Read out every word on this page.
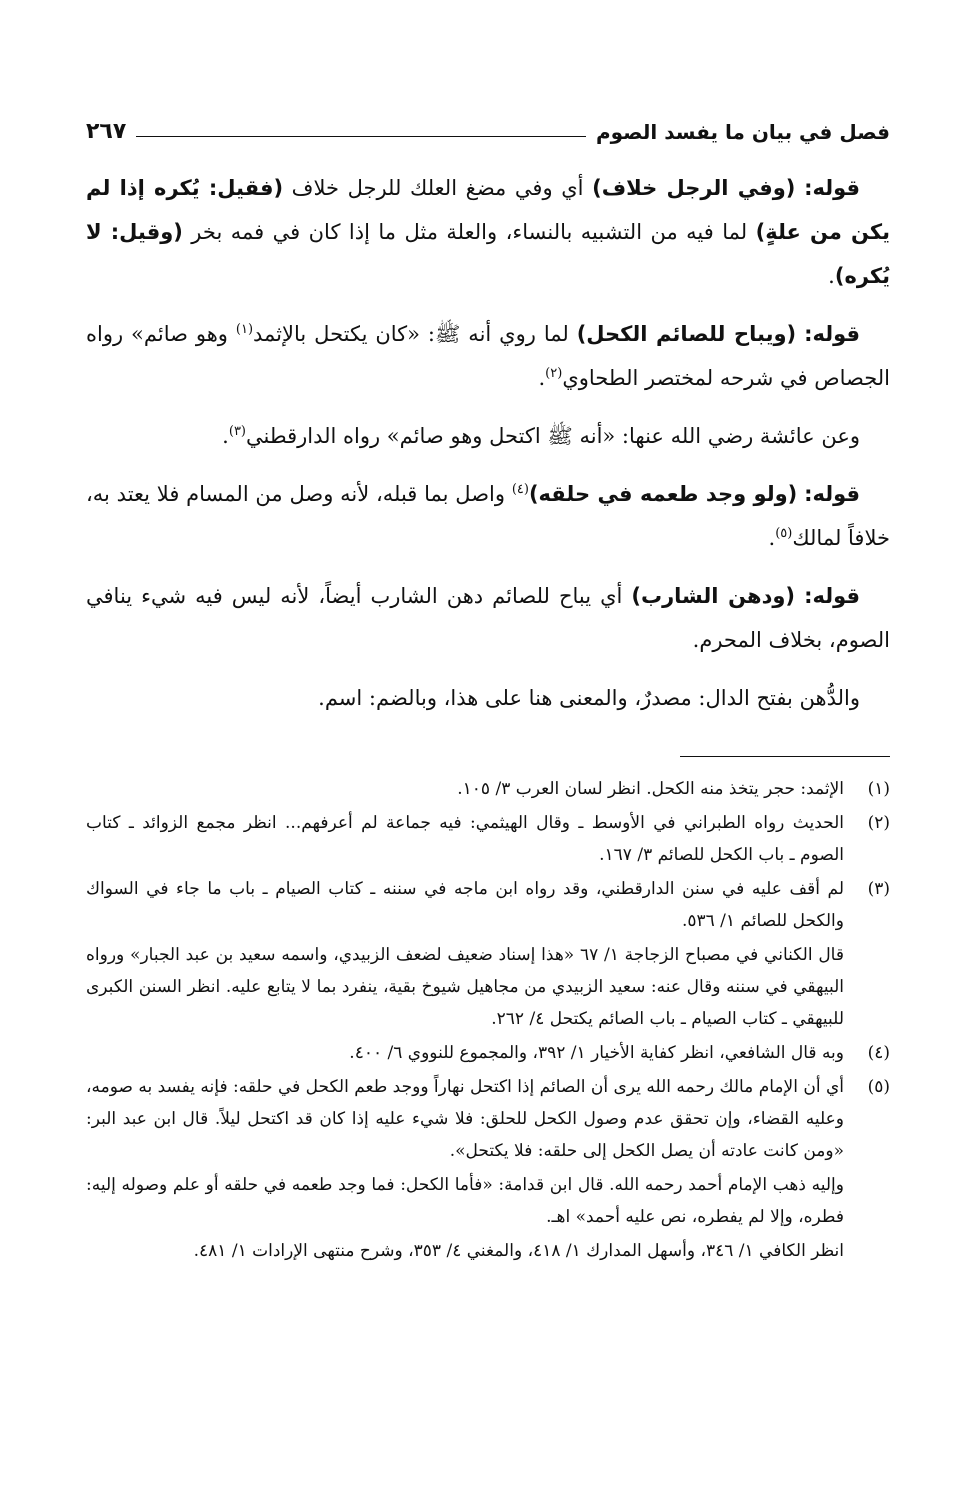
فصل في بيان ما يفسد الصوم
٢٦٧

قوله: (وفي الرجل خلاف) أي وفي مضغ العلك للرجل خلاف (فقيل: يُكره إذا لم يكن من علةٍ) لما فيه من التشبيه بالنساء، والعلة مثل ما إذا كان في فمه بخر (وقيل: لا يُكره).

قوله: (ويباح للصائم الكحل) لما روي أنه ﷺ: «كان يكتحل بالإثمد$^{(١)}$ وهو صائم» رواه الجصاص في شرحه لمختصر الطحاوي$^{(٢)}$.

وعن عائشة رضي الله عنها: «أنه ﷺ اكتحل وهو صائم» رواه الدارقطني$^{(٣)}$.

قوله: (ولو وجد طعمه في حلقه)$^{(٤)}$ واصل بما قبله، لأنه وصل من المسام فلا يعتد به، خلافاً لمالك$^{(٥)}$.

قوله: (ودهن الشارب) أي يباح للصائم دهن الشارب أيضاً، لأنه ليس فيه شيء ينافي الصوم، بخلاف المحرم.

والدُّهن بفتح الدال: مصدرٌ، والمعنى هنا على هذا، وبالضم: اسم.

(١)
الإثمد: حجر يتخذ منه الكحل. انظر لسان العرب ٣/ ١٠٥.
(٢)
الحديث رواه الطبراني في الأوسط ـ وقال الهيثمي: فيه جماعة لم أعرفهم... انظر مجمع الزوائد ـ كتاب الصوم ـ باب الكحل للصائم ٣/ ١٦٧.
(٣)
لم أقف عليه في سنن الدارقطني، وقد رواه ابن ماجه في سننه ـ كتاب الصيام ـ باب ما جاء في السواك والكحل للصائم ١/ ٥٣٦.
قال الكناني في مصباح الزجاجة ١/ ٦٧ «هذا إسناد ضعيف لضعف الزبيدي، واسمه سعيد بن عبد الجبار» ورواه البيهقي في سننه وقال عنه: سعيد الزبيدي من مجاهيل شيوخ بقية، ينفرد بما لا يتابع عليه. انظر السنن الكبرى للبيهقي ـ كتاب الصيام ـ باب الصائم يكتحل ٤/ ٢٦٢.
(٤)
وبه قال الشافعي، انظر كفاية الأخيار ١/ ٣٩٢، والمجموع للنووي ٦/ ٤٠٠.
(٥)
أي أن الإمام مالك رحمه الله يرى أن الصائم إذا اكتحل نهاراً ووجد طعم الكحل في حلقه: فإنه يفسد به صومه، وعليه القضاء، وإن تحقق عدم وصول الكحل للحلق: فلا شيء عليه إذا كان قد اكتحل ليلاً. قال ابن عبد البر: «ومن كانت عادته أن يصل الكحل إلى حلقه: فلا يكتحل».
وإليه ذهب الإمام أحمد رحمه الله. قال ابن قدامة: «فأما الكحل: فما وجد طعمه في حلقه أو علم وصوله إليه: فطره، وإلا لم يفطره، نص عليه أحمد» اهـ.
انظر الكافي ١/ ٣٤٦، وأسهل المدارك ١/ ٤١٨، والمغني ٤/ ٣٥٣، وشرح منتهى الإرادات ١/ ٤٨١.
